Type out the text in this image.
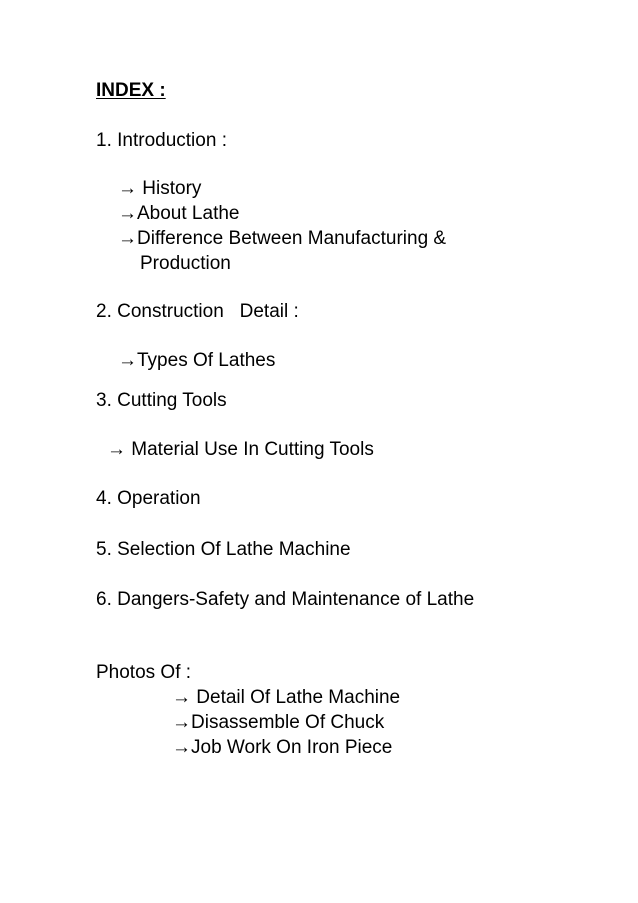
INDEX :
1. Introduction :
→ History
→About Lathe
→Difference Between Manufacturing &
Production
2. Construction   Detail :
→Types Of Lathes
3. Cutting Tools
→ Material Use In Cutting Tools
4. Operation
5. Selection Of Lathe Machine
6. Dangers-Safety and Maintenance of Lathe
Photos Of :
→ Detail Of Lathe Machine
→Disassemble Of Chuck
→Job Work On Iron Piece
